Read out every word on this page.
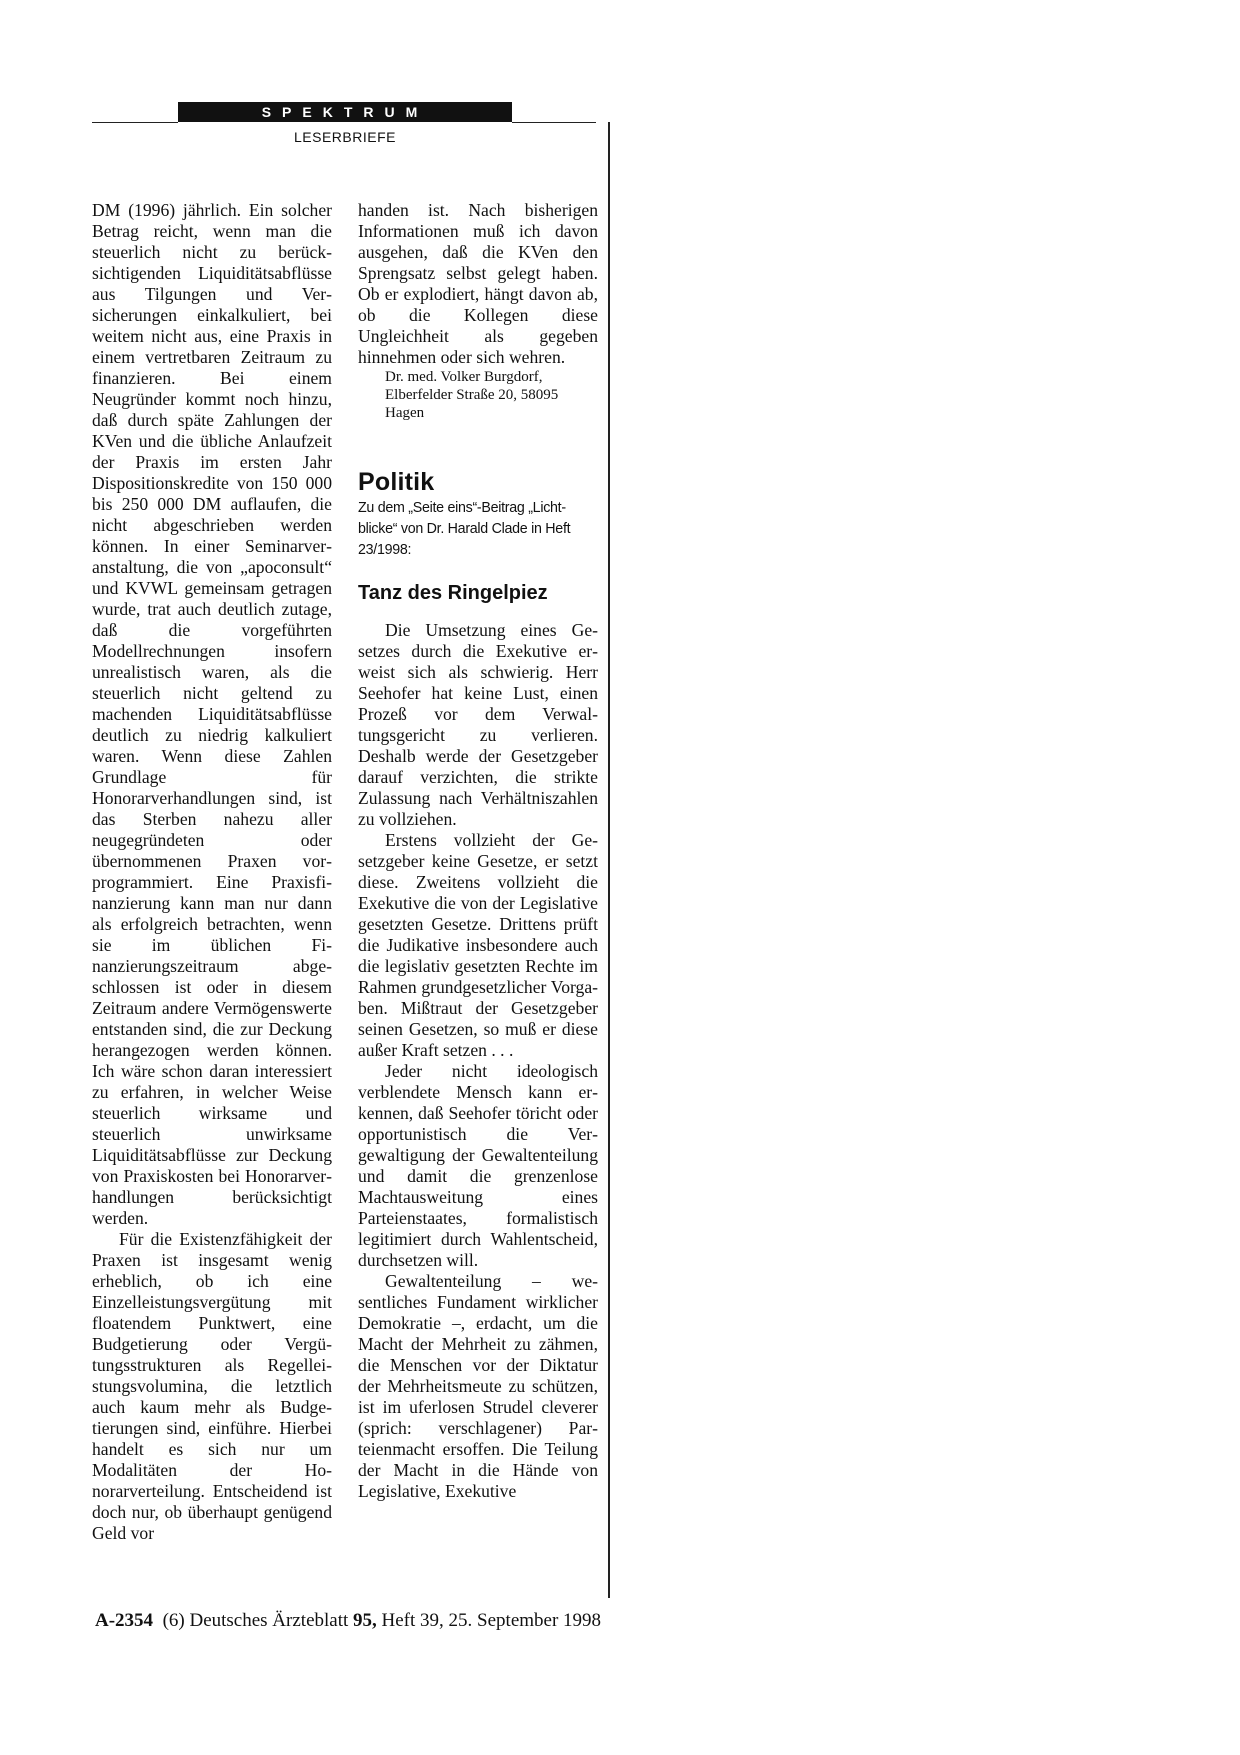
SPEKTRUM
LESERBRIEFE

DM (1996) jährlich. Ein solcher Betrag reicht, wenn man die steuerlich nicht zu berücksichtigenden Liquiditätsabflüsse aus Tilgungen und Versicherungen einkalkuliert, bei weitem nicht aus, eine Praxis in einem vertretbaren Zeitraum zu finanzieren. Bei einem Neugründer kommt noch hinzu, daß durch späte Zahlungen der KVen und die übliche Anlaufzeit der Praxis im ersten Jahr Dispositionskredite von 150 000 bis 250 000 DM auflaufen, die nicht abgeschrieben werden können. In einer Seminarveranstaltung, die von „apoconsult“ und KVWL gemeinsam getragen wurde, trat auch deutlich zutage, daß die vorgeführten Modellrechnungen insofern unrealistisch waren, als die steuerlich nicht geltend zu machenden Liquiditätsabflüsse deutlich zu niedrig kalkuliert waren. Wenn diese Zahlen Grundlage für Honorarverhandlungen sind, ist das Sterben nahezu aller neugegründeten oder übernommenen Praxen vorprogrammiert. Eine Praxisfinanzierung kann man nur dann als erfolgreich betrachten, wenn sie im üblichen Finanzierungszeitraum abgeschlossen ist oder in diesem Zeitraum andere Vermögenswerte entstanden sind, die zur Deckung herangezogen werden können. Ich wäre schon daran interessiert zu erfahren, in welcher Weise steuerlich wirksame und steuerlich unwirksame Liquiditätsabflüsse zur Deckung von Praxiskosten bei Honorarverhandlungen berücksichtigt werden.

Für die Existenzfähigkeit der Praxen ist insgesamt wenig erheblich, ob ich eine Einzelleistungsvergütung mit floatendem Punktwert, eine Budgetierung oder Vergütungsstrukturen als Regelleistungsvolumina, die letztlich auch kaum mehr als Budgetierungen sind, einführe. Hierbei handelt es sich nur um Modalitäten der Honorarverteilung. Entscheidend ist doch nur, ob überhaupt genügend Geld vor

handen ist. Nach bisherigen Informationen muß ich davon ausgehen, daß die KVen den Sprengsatz selbst gelegt haben. Ob er explodiert, hängt davon ab, ob die Kollegen diese Ungleichheit als gegeben hinnehmen oder sich wehren.

Dr. med. Volker Burgdorf, Elberfelder Straße 20, 58095 Hagen

Politik

Zu dem „Seite eins“-Beitrag „Lichtblicke“ von Dr. Harald Clade in Heft 23/1998:

Tanz des Ringelpiez

Die Umsetzung eines Gesetzes durch die Exekutive erweist sich als schwierig. Herr Seehofer hat keine Lust, einen Prozeß vor dem Verwaltungsgericht zu verlieren. Deshalb werde der Gesetzgeber darauf verzichten, die strikte Zulassung nach Verhältniszahlen zu vollziehen.

Erstens vollzieht der Gesetzgeber keine Gesetze, er setzt diese. Zweitens vollzieht die Exekutive die von der Legislative gesetzten Gesetze. Drittens prüft die Judikative insbesondere auch die legislativ gesetzten Rechte im Rahmen grundgesetzlicher Vorgaben. Mißtraut der Gesetzgeber seinen Gesetzen, so muß er diese außer Kraft setzen . . .

Jeder nicht ideologisch verblendete Mensch kann erkennen, daß Seehofer töricht oder opportunistisch die Vergewaltigung der Gewaltenteilung und damit die grenzenlose Machtausweitung eines Parteienstaates, formalistisch legitimiert durch Wahlentscheid, durchsetzen will.

Gewaltenteilung – wesentliches Fundament wirklicher Demokratie –, erdacht, um die Macht der Mehrheit zu zähmen, die Menschen vor der Diktatur der Mehrheitsmeute zu schützen, ist im uferlosen Strudel cleverer (sprich: verschlagener) Parteienmacht ersoffen. Die Teilung der Macht in die Hände von Legislative, Exekutive

A-2354 (6) Deutsches Ärzteblatt 95, Heft 39, 25. September 1998
